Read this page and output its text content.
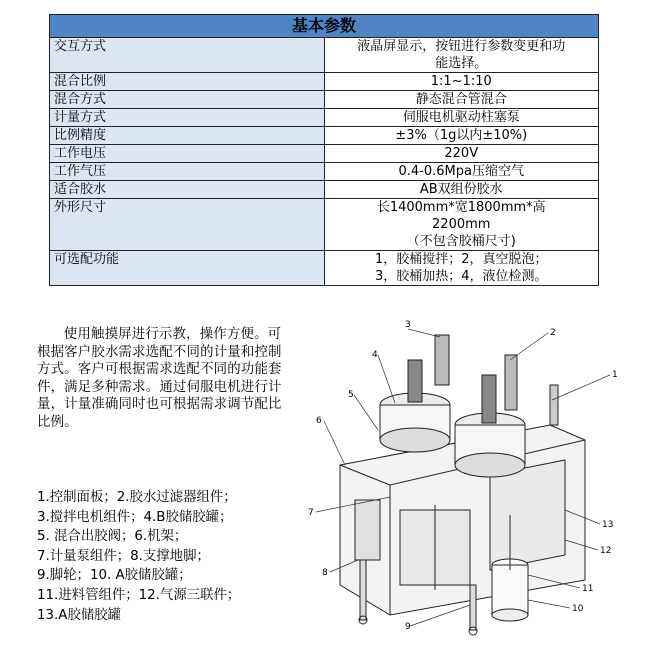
基本参数	
交互方式	液晶屏显示，按钮进行参数变更和功
能选择。

混合比例	1:1~1:10
混合方式	静态混合管混合
计量方式	伺服电机驱动柱塞泵
比例精度	±3%（1g以内±10%)
工作电压	220V
工作气压	0.4-0.6Mpa压缩空气
适合胶水	AB双组份胶水
外形尺寸	长1400mm*宽1800mm*高
2200mm
（不包含胶桶尺寸)

可选配功能	1，胶桶搅拌；2，真空脱泡；
3，胶桶加热；4，液位检测。

使用触摸屏进行示教，操作方便。可根据客户胶水需求选配不同的计量和控制方式。客户可根据需求选配不同的功能套件，满足多种需求。通过伺服电机进行计量，计量准确同时也可根据需求调节配比比例。

1.控制面板；2.胶水过滤器组件；
3.搅拌电机组件；4.B胶储胶罐；
5. 混合出胶阀；6.机架；
7.计量泵组件；8.支撑地脚；
9.脚轮；10. A胶储胶罐；
11.进料管组件；12.气源三联件；
13.A胶储胶罐
1
2
3
4
5
6
7
8
9
10
11
12
13
